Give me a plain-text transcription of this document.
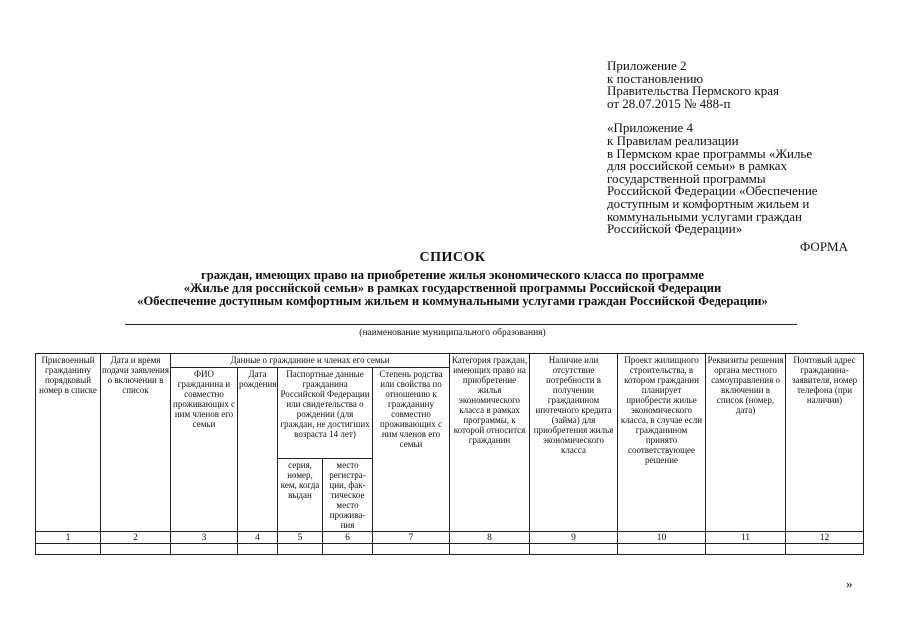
Приложение 2
к постановлению
Правительства Пермского края
от 28.07.2015 № 488-п
«Приложение 4
к Правилам реализации
в Пермском крае программы «Жилье
для российской семьи» в рамках
государственной программы
Российской Федерации «Обеспечение
доступным и комфортным жильем и
коммунальными услугами граждан
Российской Федерации»
ФОРМА
СПИСОК
граждан, имеющих право на приобретение жилья экономического класса по программе
«Жилье для российской семьи» в рамках государственной программы Российской Федерации
«Обеспечение доступным комфортным жильем и коммунальными услугами граждан Российской Федерации»
(наименование муниципального образования)
Присвоенный гражданину порядковый номер в списке	Дата и время подачи заявления о включении в список	Данные о гражданине и членах его семьи					Категория граждан, имеющих право на приобретение жилья экономического класса в рамках программы, к которой относится гражданин	Наличие или отсутствие потребности в получении гражданином ипотечного кредита (займа) для приобретения жилья экономического класса	Проект жилищного строительства, в котором гражданин планирует приобрести жилье экономического класса, в случае если гражданином принято соответствующее решение	Реквизиты решения органа местного самоуправления о включении в список (номер, дата)	Почтовый адрес гражданина-заявителя, номер телефона (при наличии)
		ФИО гражданина и совместно проживающих с ним членов его семьи	Дата рождения	Паспортные данные гражданина Российской Федерации или свидетельства о рождении (для граждан, не достигших возраста 14 лет)		Степень родства или свойства по отношению к гражданину совместно проживающих с ним членов его семьи					
				серия, номер, кем, когда выдан	место регистра-ции, фак-тическое место прожива-ния						
1	2	3	4	5	6	7	8	9	10	11	12

»
